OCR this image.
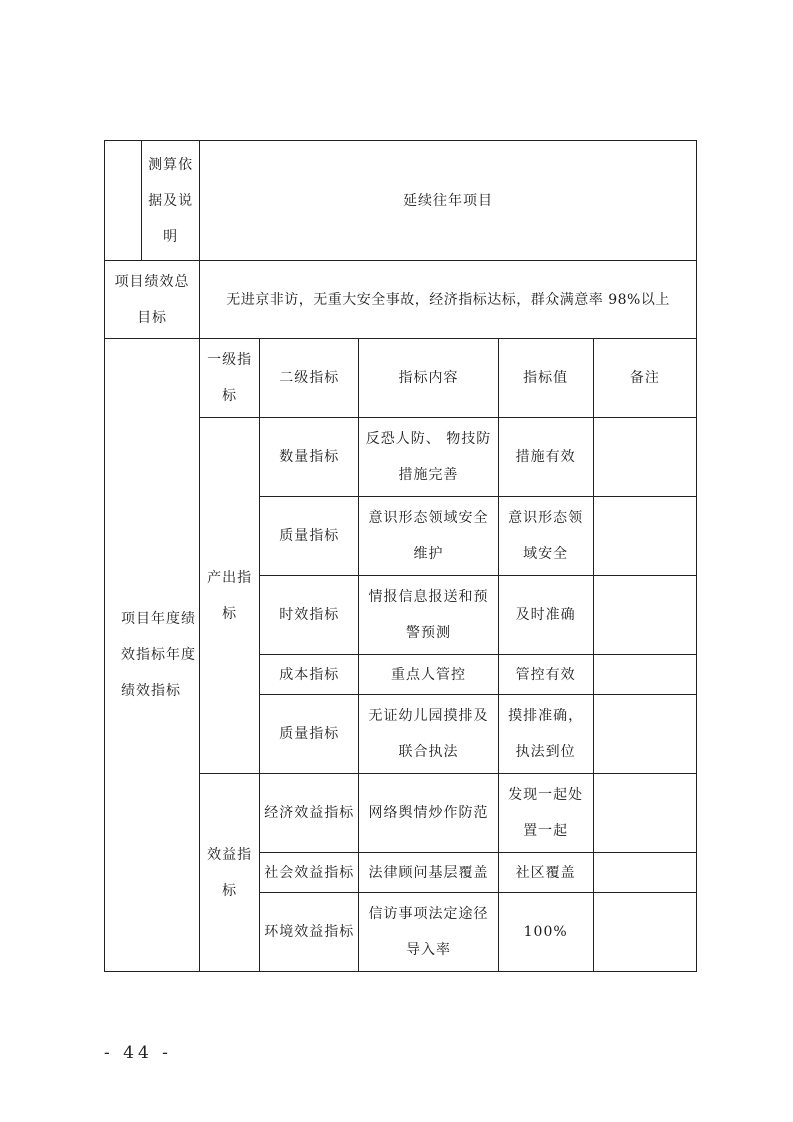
	测算依据及说明	延续往年项目				
项目绩效总目标		无进京非访，无重大安全事故，经济指标达标，群众满意率 98%以上				
项目年度绩效指标年度绩效指标		一级指标	二级指标	指标内容	指标值	备注
		产出指标	数量指标	反恐人防、 物技防措施完善	措施有效	
			质量指标	意识形态领域安全维护	意识形态领域安全	
			时效指标	情报信息报送和预警预测	及时准确	
			成本指标	重点人管控	管控有效	
			质量指标	无证幼儿园摸排及联合执法	摸排准确，执法到位	
		效益指标	经济效益指标	网络舆情炒作防范	发现一起处置一起	
			社会效益指标	法律顾问基层覆盖	社区覆盖	
			环境效益指标	信访事项法定途径导入率	100%	
- 44 -
